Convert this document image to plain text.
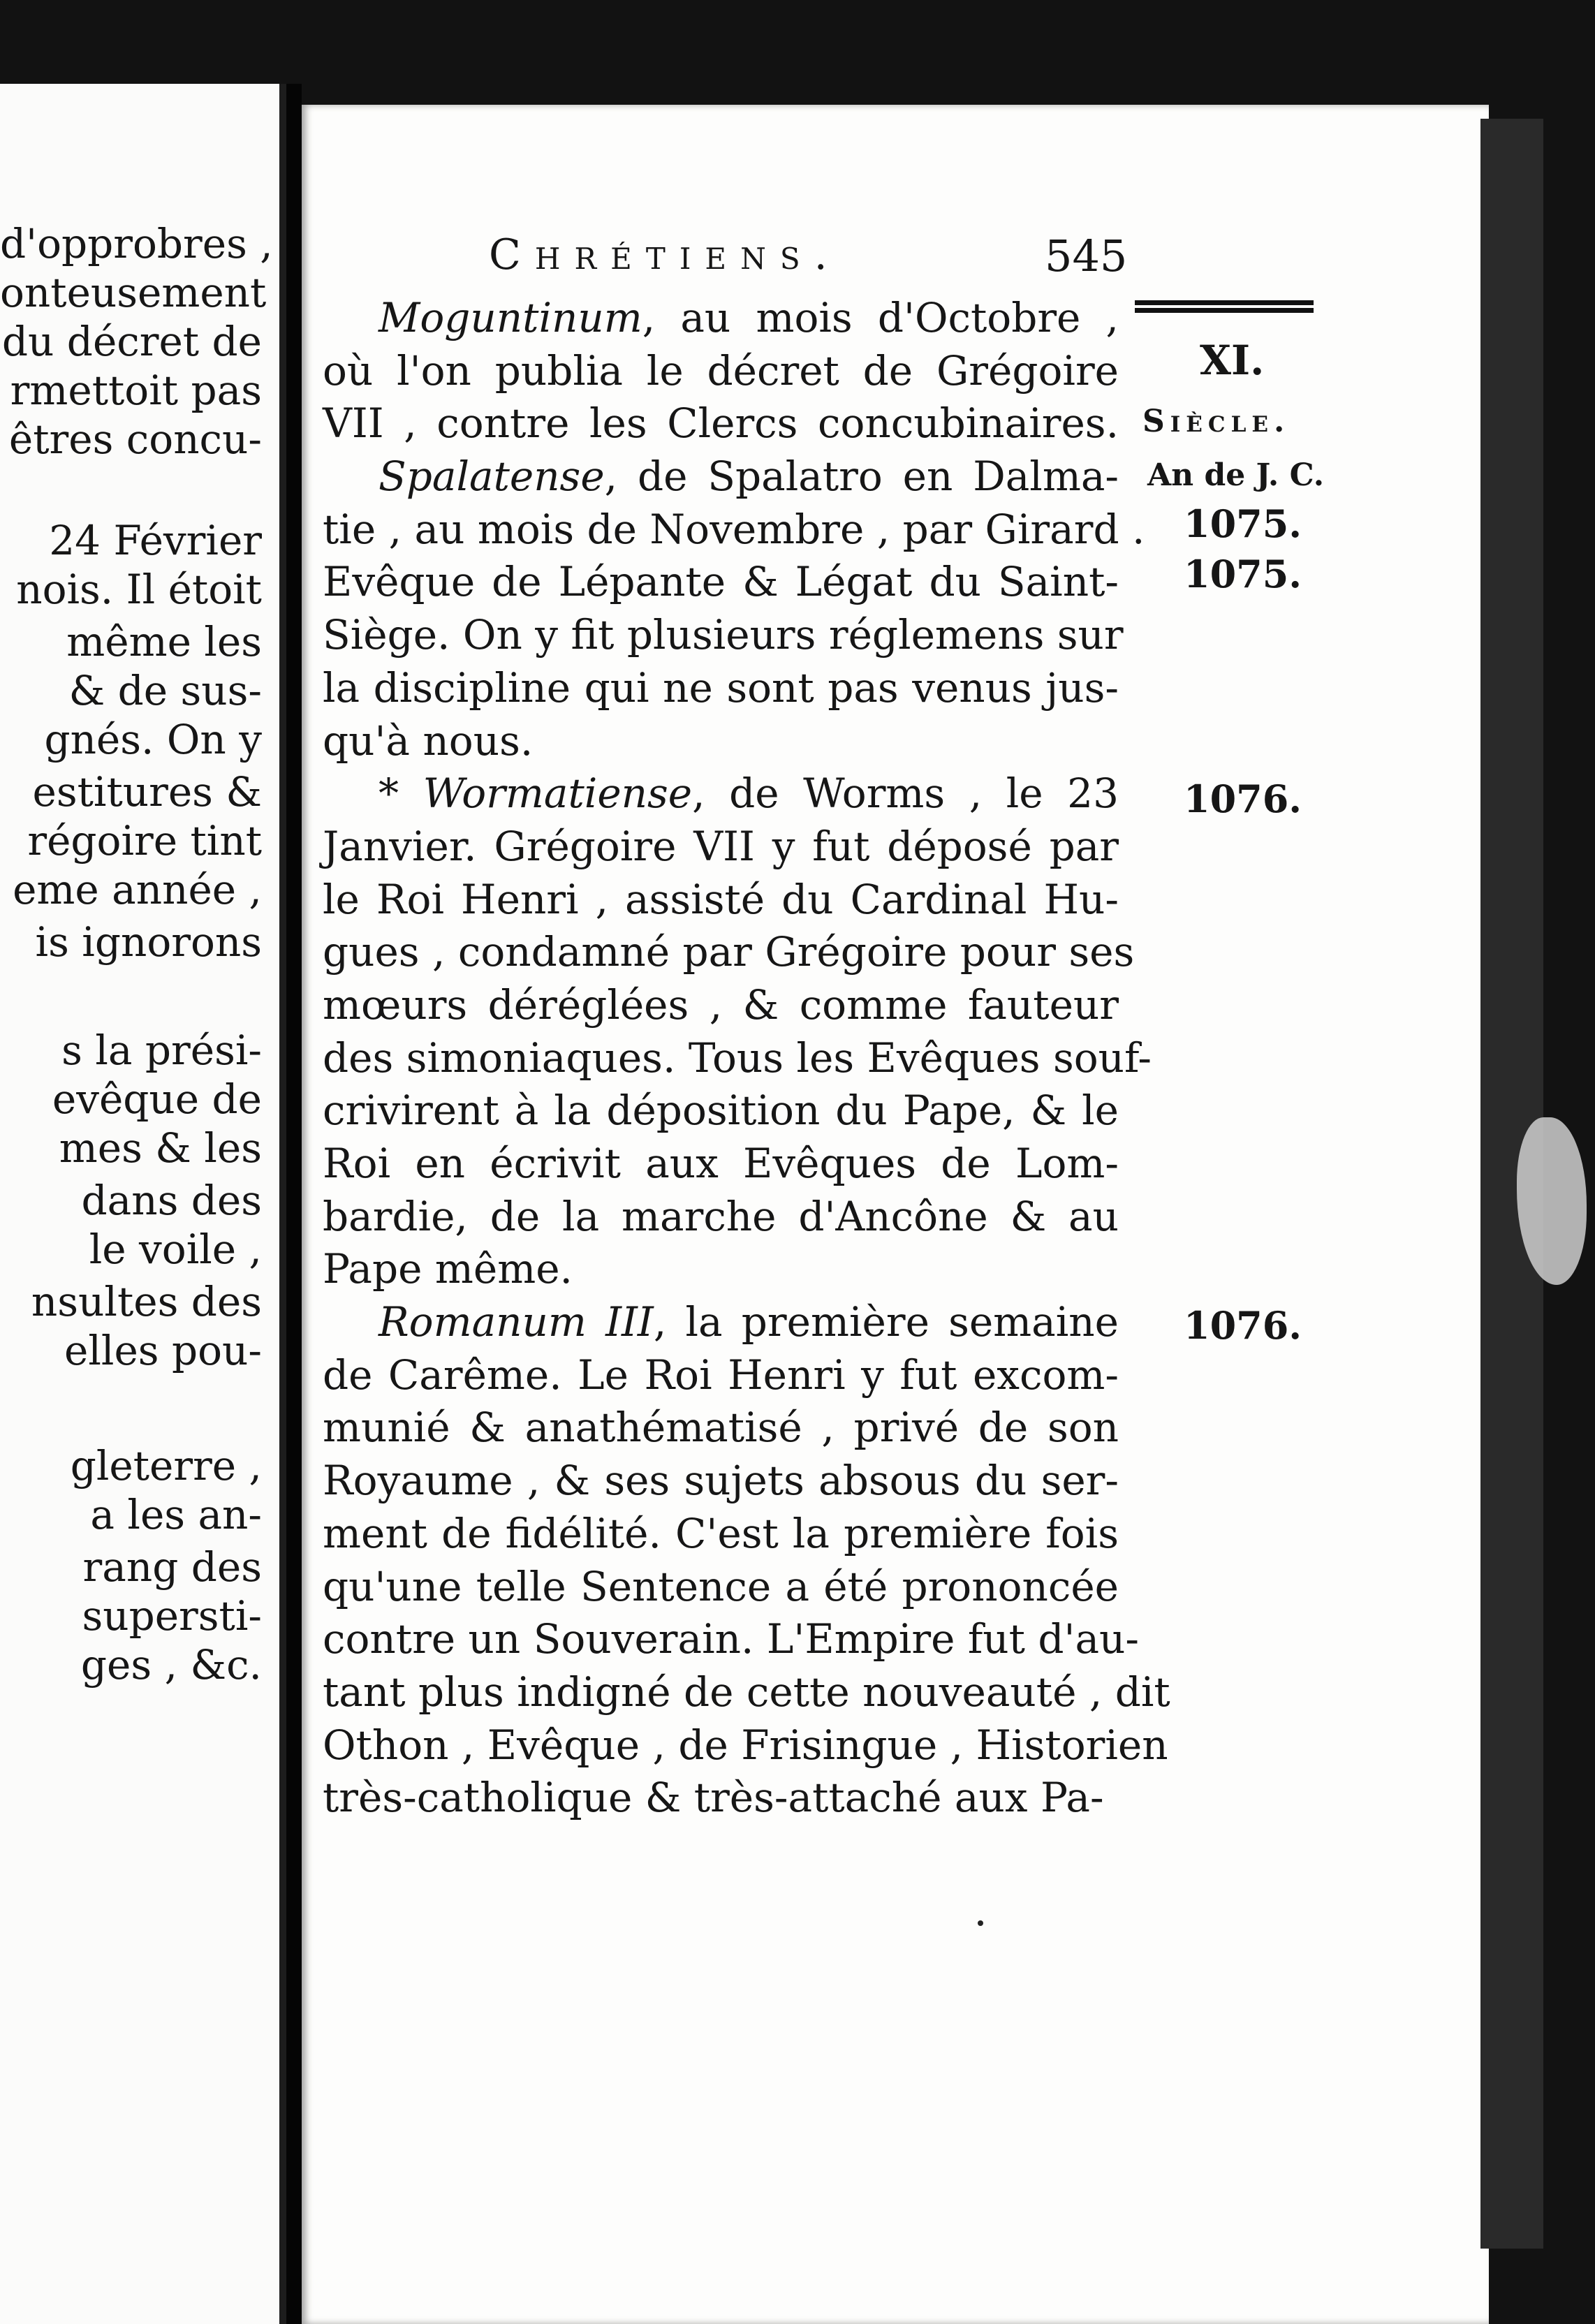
d'opprobres ,
onteusement
du décret de
rmettoit pas
êtres concu-
24 Février
nois. Il étoit
même les
& de sus-
gnés. On y
estitures &
régoire tint
eme année ,
is ignorons
s la prési-
evêque de
mes & les
dans des
le voile ,
nsultes des
elles pou-
gleterre ,
a les an-
rang des
supersti-
ges , &c.
Chrétiens.	545
XI.
Siècle.
An de J. C.
1075.
1075.
1076.
1076.
Moguntinum, au mois d'Octobre ,
où l'on publia le décret de Grégoire
VII , contre les Clercs concubinaires.
Spalatense, de Spalatro en Dalma-
tie , au mois de Novembre , par Girard .
Evêque de Lépante & Légat du Saint-
Siège. On y fit plusieurs réglemens sur
la discipline qui ne sont pas venus jus-
qu'à nous.
* Wormatiense, de Worms , le 23
Janvier. Grégoire VII y fut déposé par
le Roi Henri , assisté du Cardinal Hu-
gues , condamné par Grégoire pour ses
mœurs déréglées , & comme fauteur
des simoniaques. Tous les Evêques souf-
crivirent à la déposition du Pape, & le
Roi en écrivit aux Evêques de Lom-
bardie, de la marche d'Ancône & au
Pape même.
Romanum III, la première semaine
de Carême. Le Roi Henri y fut excom-
munié & anathématisé , privé de son
Royaume , & ses sujets absous du ser-
ment de fidélité. C'est la première fois
qu'une telle Sentence a été prononcée
contre un Souverain. L'Empire fut d'au-
tant plus indigné de cette nouveauté , dit
Othon , Evêque , de Frisingue , Historien
très-catholique & très-attaché aux Pa-
